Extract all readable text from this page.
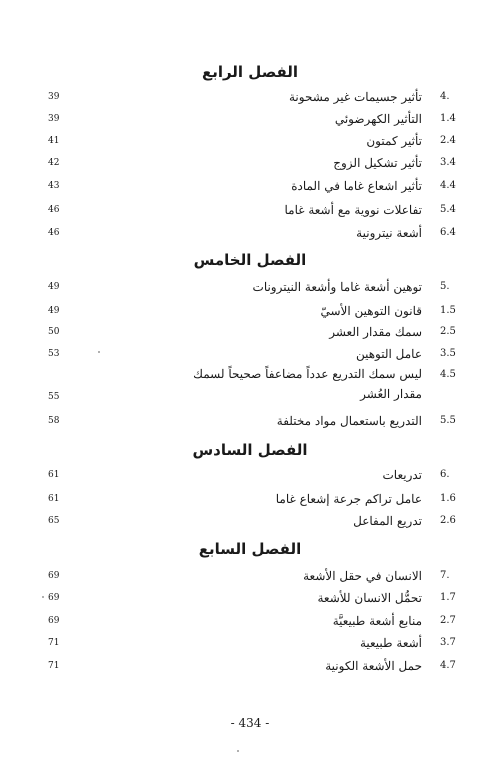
الفصل الرابع
4.
تأثير جسيمات غير مشحونة
39
1.4
التأثير الكهرضوئي
39
2.4
تأثير كمتون
41
3.4
تأثير تشكيل الزوج
42
4.4
تأثير اشعاع غاما في المادة
43
5.4
تفاعلات نووية مع أشعة غاما
46
6.4
أشعة نيترونية
46
الفصل الخامس
5.
توهين أشعة غاما وأشعة النيترونات
49
1.5
قانون التوهين الأسيّ
49
2.5
سمك مقدار العشر
50
3.5
عامل التوهين
53
4.5
ليس سمك التدريع عدداً مضاعفاً صحيحاً لسمك مقدار العُشر
55
5.5
التدريع باستعمال مواد مختلفة
58
الفصل السادس
6.
تدريعات
61
1.6
عامل تراكم جرعة إشعاع غاما
61
2.6
تدريع المفاعل
65
الفصل السابع
7.
الانسان في حقل الأشعة
69
1.7
تحمُّل الانسان للأشعة
69
2.7
منابع أشعة طبيعيَّة
69
3.7
أشعة طبيعية
71
4.7
حمل الأشعة الكونية
71
- 434 -
